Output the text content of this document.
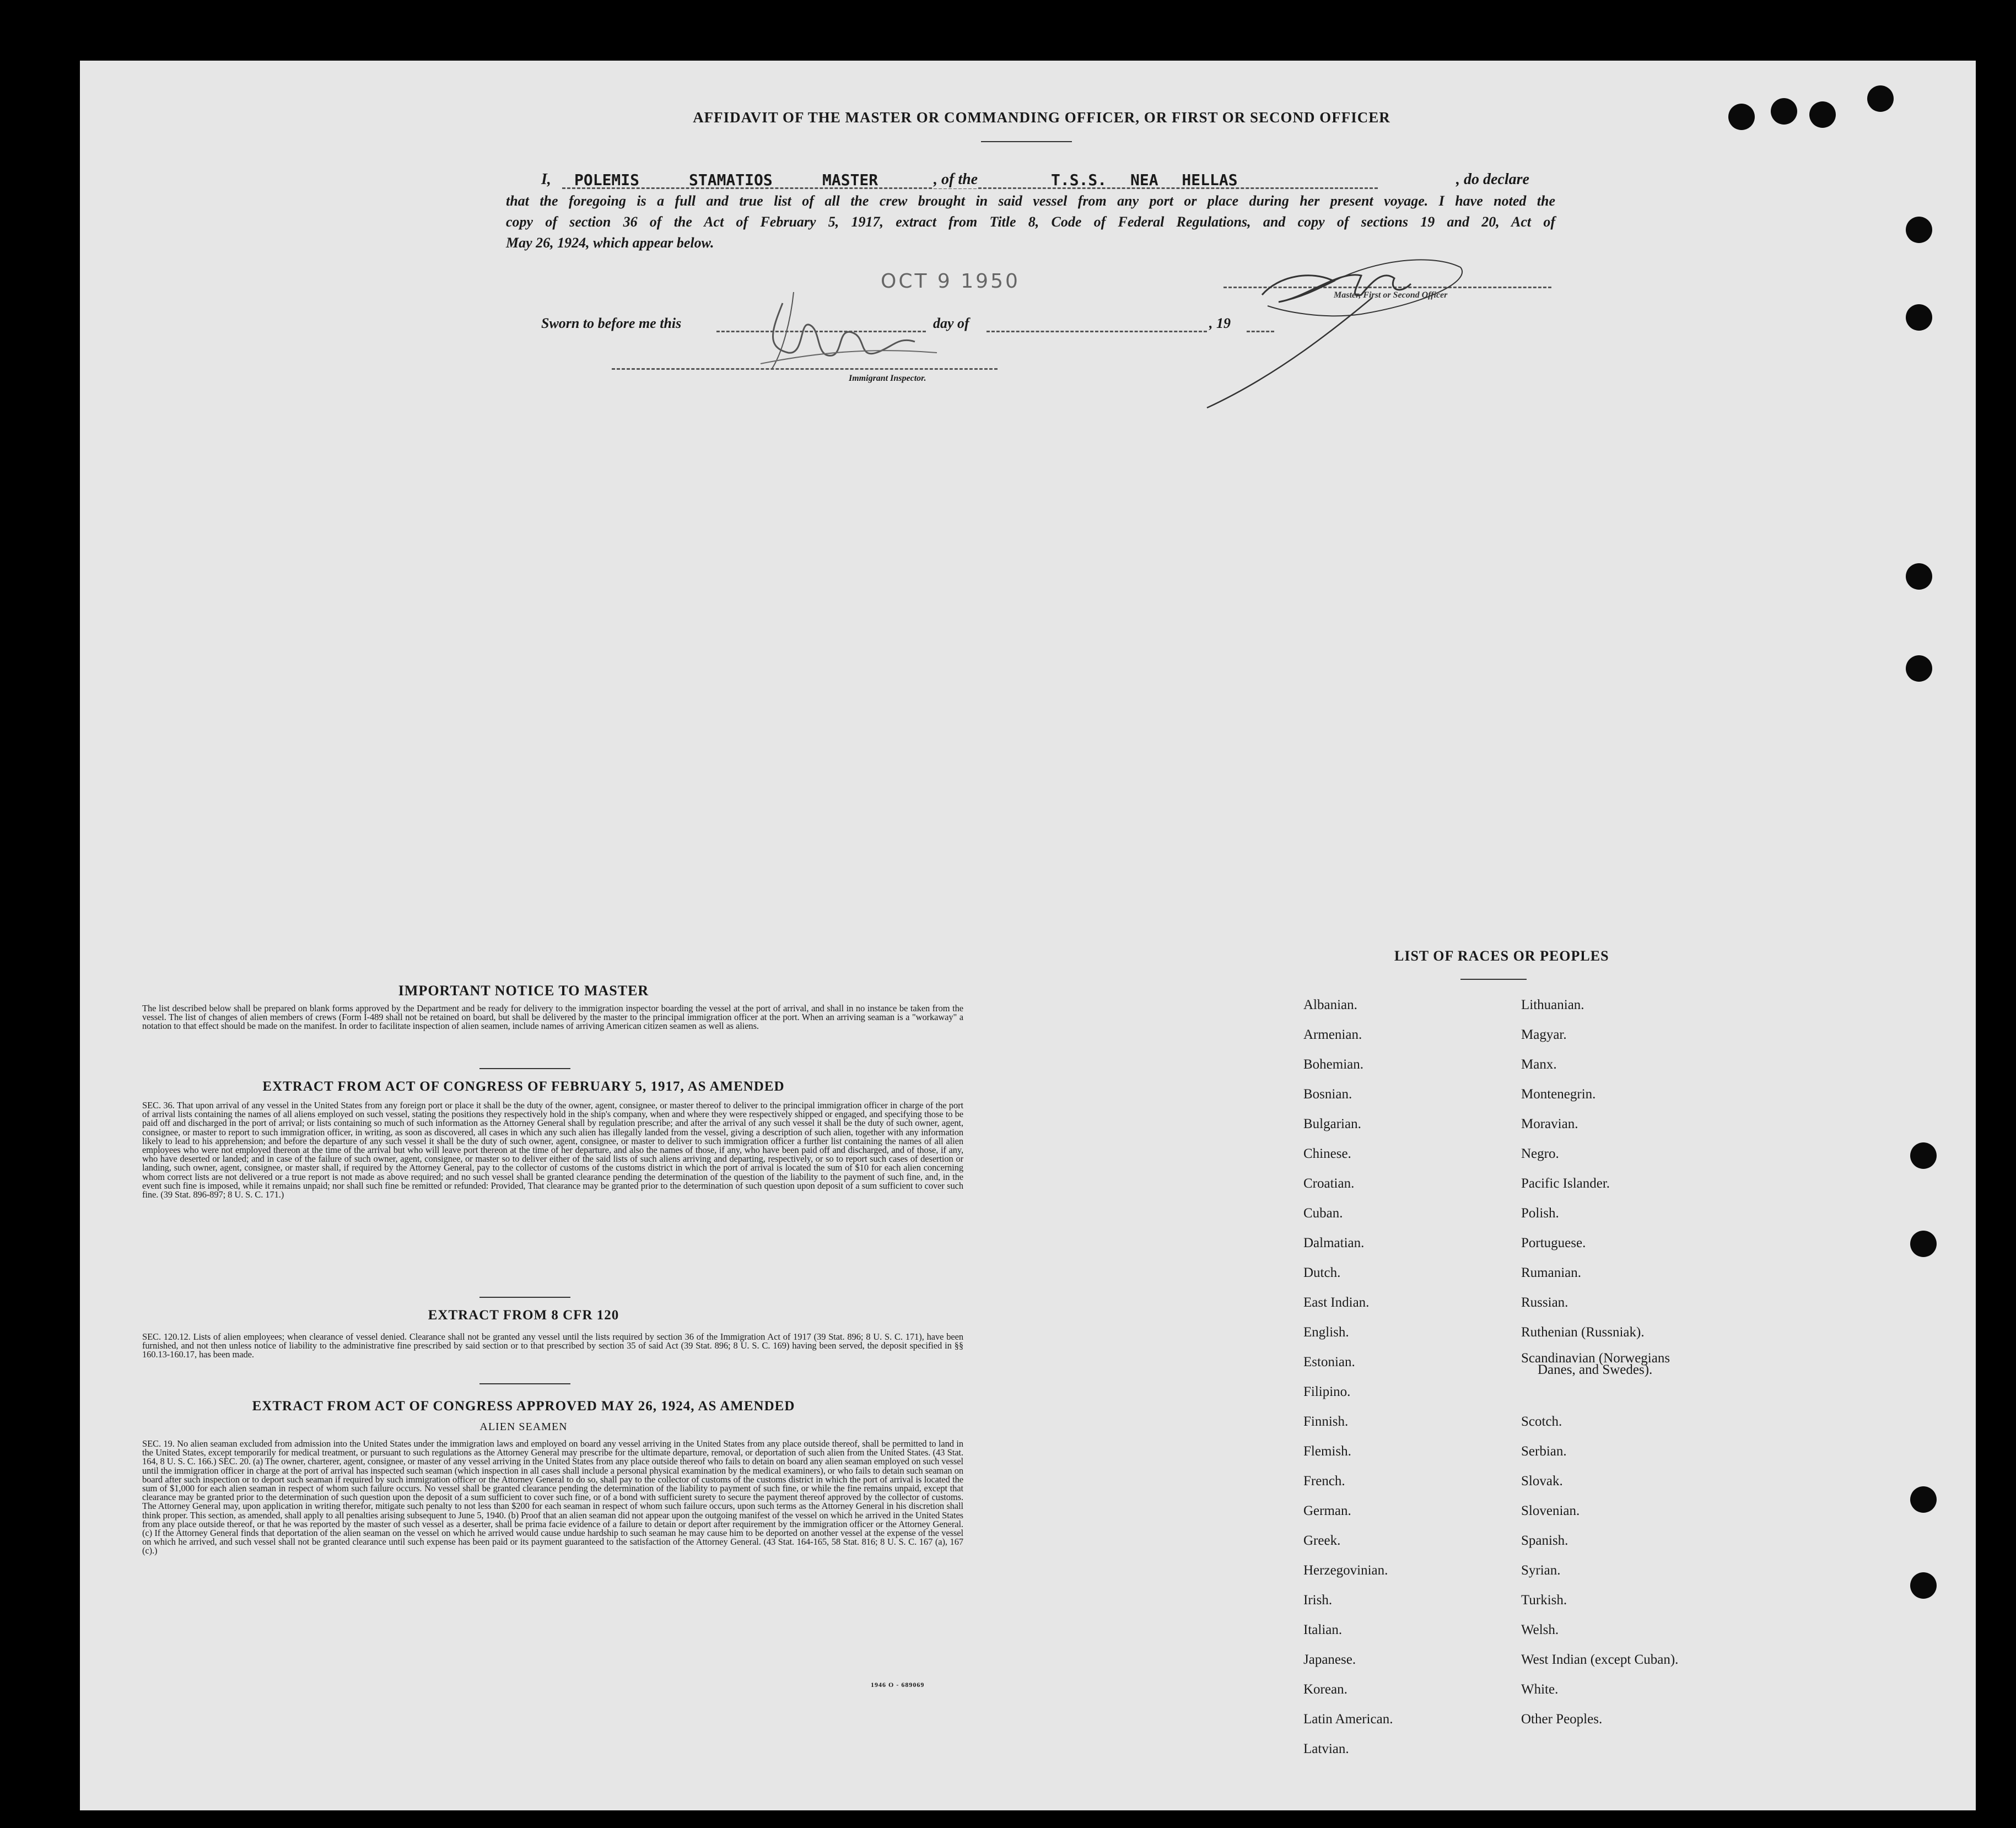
AFFIDAVIT OF THE MASTER OR COMMANDING OFFICER, OR FIRST OR SECOND OFFICER
I, POLEMIS	STAMATIOS	MASTER	, of the	T.S.S. NEA HELLAS	, do declare
that the foregoing is a full and true list of all the crew brought in said vessel from any port or place during her present voyage. I have noted the
copy of section 36 of the Act of February 5, 1917, extract from Title 8, Code of Federal Regulations, and copy of sections 19 and 20, Act of
May 26, 1924, which appear below.
OCT 9 1950
Master, First or Second Officer
Sworn to before me this	day of	, 19
Immigrant Inspector.
IMPORTANT NOTICE TO MASTER
The list described below shall be prepared on blank forms approved by the Department and be ready for delivery to the immigration inspector boarding the vessel at the port of arrival, and shall in no instance be taken from the vessel. The list of changes of alien members of crews (Form I-489 shall not be retained on board, but shall be delivered by the master to the principal immigration officer at the port. When an arriving seaman is a "workaway" a notation to that effect should be made on the manifest. In order to facilitate inspection of alien seamen, include names of arriving American citizen seamen as well as aliens.
EXTRACT FROM ACT OF CONGRESS OF FEBRUARY 5, 1917, AS AMENDED
SEC. 36. That upon arrival of any vessel in the United States from any foreign port or place it shall be the duty of the owner, agent, consignee, or master thereof to deliver to the principal immigration officer in charge of the port of arrival lists containing the names of all aliens employed on such vessel, stating the positions they respectively hold in the ship's company, when and where they were respectively shipped or engaged, and specifying those to be paid off and discharged in the port of arrival; or lists containing so much of such information as the Attorney General shall by regulation prescribe; and after the arrival of any such vessel it shall be the duty of such owner, agent, consignee, or master to report to such immigration officer, in writing, as soon as discovered, all cases in which any such alien has illegally landed from the vessel, giving a description of such alien, together with any information likely to lead to his apprehension; and before the departure of any such vessel it shall be the duty of such owner, agent, consignee, or master to deliver to such immigration officer a further list containing the names of all alien employees who were not employed thereon at the time of the arrival but who will leave port thereon at the time of her departure, and also the names of those, if any, who have been paid off and discharged, and of those, if any, who have deserted or landed; and in case of the failure of such owner, agent, consignee, or master so to deliver either of the said lists of such aliens arriving and departing, respectively, or so to report such cases of desertion or landing, such owner, agent, consignee, or master shall, if required by the Attorney General, pay to the collector of customs of the customs district in which the port of arrival is located the sum of $10 for each alien concerning whom correct lists are not delivered or a true report is not made as above required; and no such vessel shall be granted clearance pending the determination of the question of the liability to the payment of such fine, and, in the event such fine is imposed, while it remains unpaid; nor shall such fine be remitted or refunded: Provided, That clearance may be granted prior to the determination of such question upon deposit of a sum sufficient to cover such fine. (39 Stat. 896-897; 8 U. S. C. 171.)
EXTRACT FROM 8 CFR 120
SEC. 120.12. Lists of alien employees; when clearance of vessel denied. Clearance shall not be granted any vessel until the lists required by section 36 of the Immigration Act of 1917 (39 Stat. 896; 8 U. S. C. 171), have been furnished, and not then unless notice of liability to the administrative fine prescribed by said section or to that prescribed by section 35 of said Act (39 Stat. 896; 8 U. S. C. 169) having been served, the deposit specified in §§ 160.13-160.17, has been made.
EXTRACT FROM ACT OF CONGRESS APPROVED MAY 26, 1924, AS AMENDED
ALIEN SEAMEN
SEC. 19. No alien seaman excluded from admission into the United States under the immigration laws and employed on board any vessel arriving in the United States from any place outside thereof, shall be permitted to land in the United States, except temporarily for medical treatment, or pursuant to such regulations as the Attorney General may prescribe for the ultimate departure, removal, or deportation of such alien from the United States. (43 Stat. 164, 8 U. S. C. 166.) SEC. 20. (a) The owner, charterer, agent, consignee, or master of any vessel arriving in the United States from any place outside thereof who fails to detain on board any alien seaman employed on such vessel until the immigration officer in charge at the port of arrival has inspected such seaman (which inspection in all cases shall include a personal physical examination by the medical examiners), or who fails to detain such seaman on board after such inspection or to deport such seaman if required by such immigration officer or the Attorney General to do so, shall pay to the collector of customs of the customs district in which the port of arrival is located the sum of $1,000 for each alien seaman in respect of whom such failure occurs. No vessel shall be granted clearance pending the determination of the liability to payment of such fine, or while the fine remains unpaid, except that clearance may be granted prior to the determination of such question upon the deposit of a sum sufficient to cover such fine, or of a bond with sufficient surety to secure the payment thereof approved by the collector of customs. The Attorney General may, upon application in writing therefor, mitigate such penalty to not less than $200 for each seaman in respect of whom such failure occurs, upon such terms as the Attorney General in his discretion shall think proper. This section, as amended, shall apply to all penalties arising subsequent to June 5, 1940. (b) Proof that an alien seaman did not appear upon the outgoing manifest of the vessel on which he arrived in the United States from any place outside thereof, or that he was reported by the master of such vessel as a deserter, shall be prima facie evidence of a failure to detain or deport after requirement by the immigration officer or the Attorney General. (c) If the Attorney General finds that deportation of the alien seaman on the vessel on which he arrived would cause undue hardship to such seaman he may cause him to be deported on another vessel at the expense of the vessel on which he arrived, and such vessel shall not be granted clearance until such expense has been paid or its payment guaranteed to the satisfaction of the Attorney General. (43 Stat. 164-165, 58 Stat. 816; 8 U. S. C. 167 (a), 167 (c).)
1946 O - 689069
LIST OF RACES OR PEOPLES
Albanian.
Armenian.
Bohemian.
Bosnian.
Bulgarian.
Chinese.
Croatian.
Cuban.
Dalmatian.
Dutch.
East Indian.
English.
Estonian.
Filipino.
Finnish.
Flemish.
French.
German.
Greek.
Herzegovinian.
Irish.
Italian.
Japanese.
Korean.
Latin American.
Latvian.
Lithuanian.
Magyar.
Manx.
Montenegrin.
Moravian.
Negro.
Pacific Islander.
Polish.
Portuguese.
Rumanian.
Russian.
Ruthenian (Russniak).
Scandinavian (Norwegians
Danes, and Swedes).
Scotch.
Serbian.
Slovak.
Slovenian.
Spanish.
Syrian.
Turkish.
Welsh.
West Indian (except Cuban).
White.
Other Peoples.
